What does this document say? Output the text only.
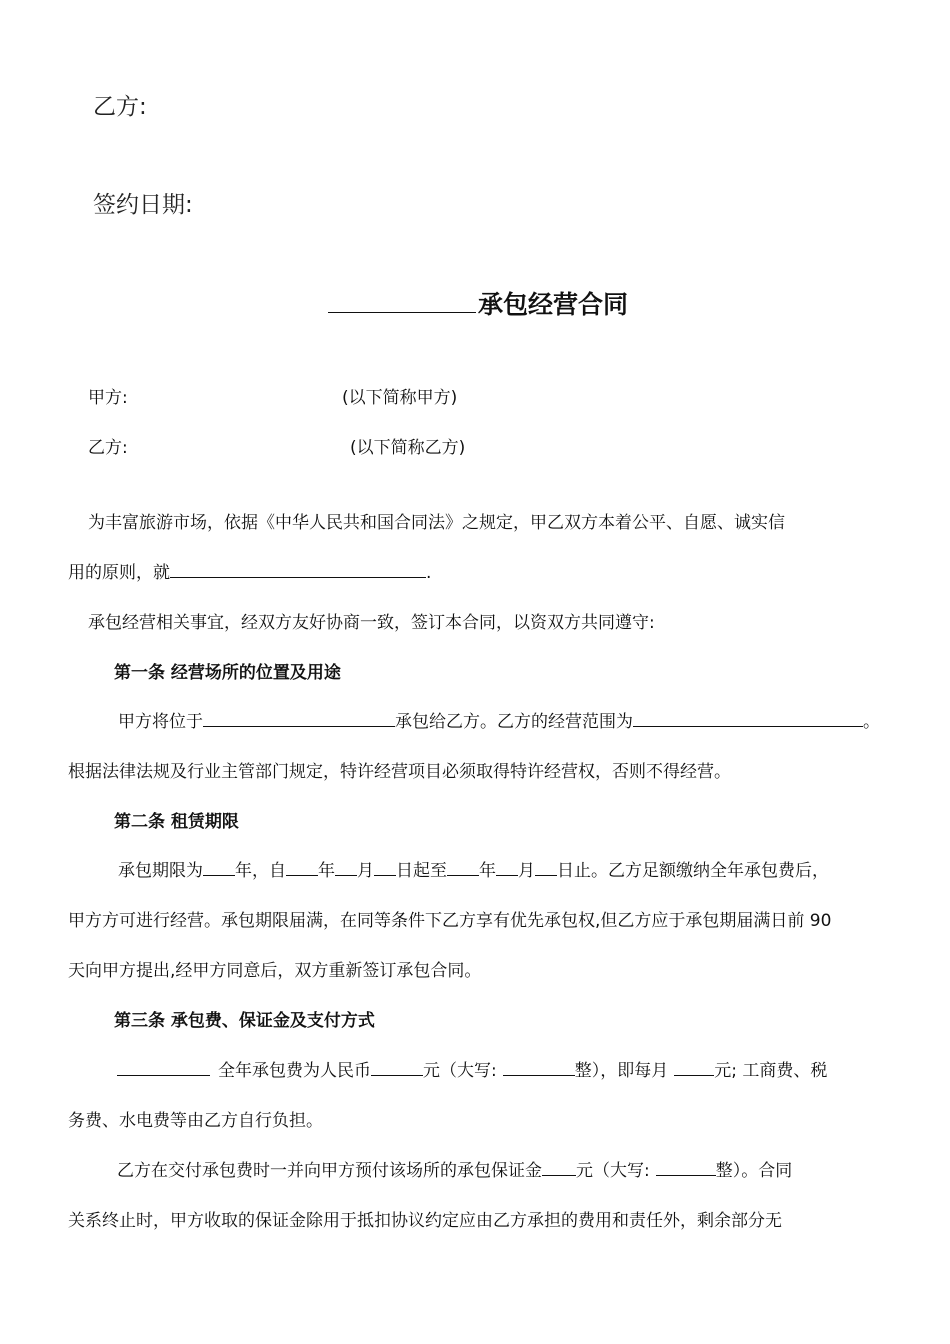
乙方:
签约日期:
承包经营合同
甲方:	(以下简称甲方)
乙方:	(以下简称乙方)
为丰富旅游市场，依据《中华人民共和国合同法》之规定，甲乙双方本着公平、自愿、诚实信
用的原则，就	.
承包经营相关事宜，经双方友好协商一致，签订本合同，以资双方共同遵守:
第一条 经营场所的位置及用途
甲方将位于	承包给乙方。乙方的经营范围为	。
根据法律法规及行业主管部门规定，特许经营项目必须取得特许经营权，否则不得经营。
第二条 租赁期限
承包期限为 年，自 年 月 日起至 年 月 日止。乙方足额缴纳全年承包费后，
甲方方可进行经营。承包期限届满，在同等条件下乙方享有优先承包权,但乙方应于承包期届满日前 90
天向甲方提出,经甲方同意后，双方重新签订承包合同。
第三条 承包费、保证金及支付方式
全年承包费为人民币	元（大写:	整），即每月	元; 工商费、税
务费、水电费等由乙方自行负担。
乙方在交付承包费时一并向甲方预付该场所的承包保证金 元（大写:	整）。合同
关系终止时，甲方收取的保证金除用于抵扣协议约定应由乙方承担的费用和责任外，剩余部分无
